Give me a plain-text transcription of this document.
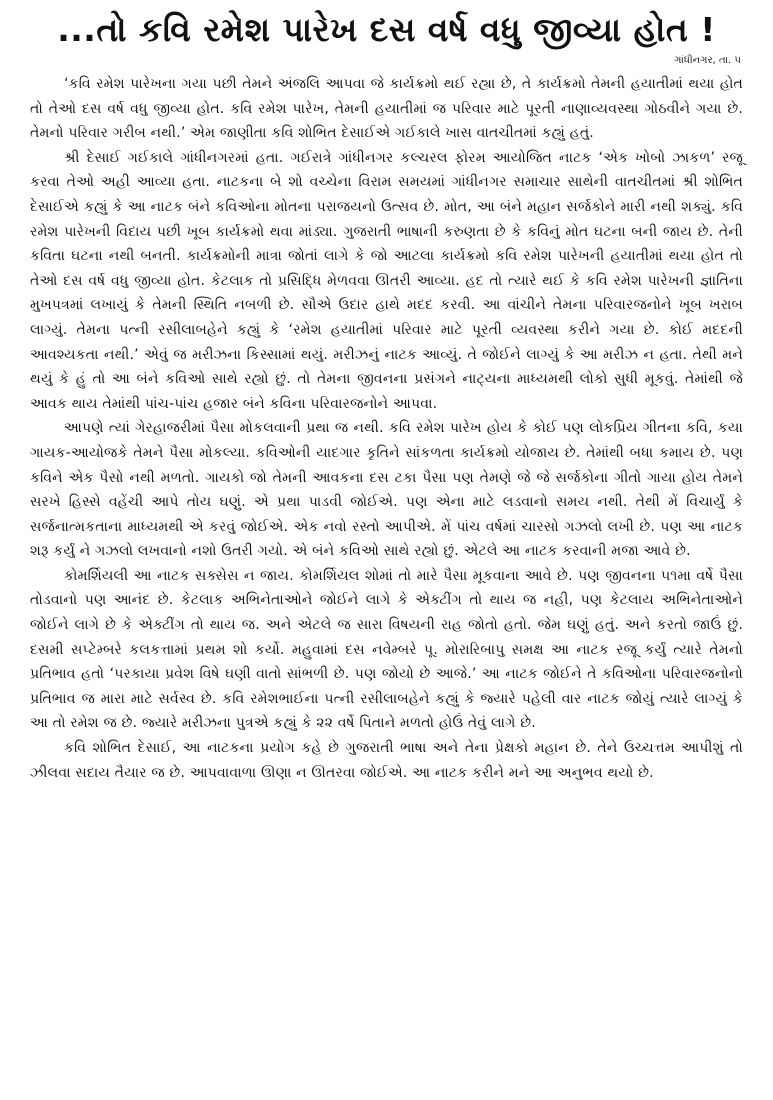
...તો કવિ રમેશ પારેખ દસ વર્ષ વધુ જીવ્યા હોત !
ગાંધીનગર, તા. ૫

‘કવિ રમેશ પારેખના ગયા પછી તેમને અંજલિ આપવા જે કાર્યક્રમો થઈ રહ્યા છે, તે કાર્યક્રમો તેમની હયાતીમાં થયા હોત તો તેઓ દસ વર્ષ વધુ જીવ્યા હોત. કવિ રમેશ પારેખ, તેમની હયાતીમાં જ પરિવાર માટે પૂરતી નાણાવ્યવસ્થા ગોઠવીને ગયા છે. તેમનો પરિવાર ગરીબ નથી.’ એમ જાણીતા કવિ શોભિત દેસાઈએ ગઈકાલે ખાસ વાતચીતમાં કહ્યું હતું.

શ્રી દેસાઈ ગઈકાલે ગાંધીનગરમાં હતા. ગઈરાત્રે ગાંધીનગર કલ્ચરલ ફોરમ આયોજિત નાટક ‘એક ખોબો ઝાકળ’ રજૂ કરવા તેઓ અહી આવ્યા હતા. નાટકના બે શો વચ્ચેના વિરામ સમયમાં ગાંધીનગર સમાચાર સાથેની વાતચીતમાં શ્રી શોભિત દેસાઈએ કહ્યું કે આ નાટક બંને કવિઓના મોતના પરાજયનો ઉત્સવ છે. મોત, આ બંને મહાન સર્જકોને મારી નથી શક્યું. કવિ રમેશ પારેખની વિદાય પછી ખૂબ કાર્યક્રમો થવા માંડ્યા. ગુજરાતી ભાષાની કરુણતા છે કે કવિનું મોત ઘટના બની જાય છે. તેની કવિતા ઘટના નથી બનતી. કાર્યક્રમોની માત્રા જોતાં લાગે કે જો આટલા કાર્યક્રમો કવિ રમેશ પારેખની હયાતીમાં થયા હોત તો તેઓ દસ વર્ષ વધુ જીવ્યા હોત. કેટલાક તો પ્રસિદ્ધિ મેળવવા ઊતરી આવ્યા. હદ તો ત્યારે થઈ કે કવિ રમેશ પારેખની જ્ઞાતિના મુખપત્રમાં લખાયું કે તેમની સ્થિતિ નબળી છે. સૌએ ઉદાર હાથે મદદ કરવી. આ વાંચીને તેમના પરિવારજનોને ખૂબ ખરાબ લાગ્યું. તેમના પત્ની રસીલાબહેને કહ્યું કે ‘રમેશ હયાતીમાં પરિવાર માટે પૂરતી વ્યવસ્થા કરીને ગયા છે. કોઈ મદદની આવશ્યકતા નથી.’ એવું જ મરીઝના કિસ્સામાં થયું. મરીઝનું નાટક આવ્યું. તે જોઈને લાગ્યું કે આ મરીઝ ન હતા. તેથી મને થયું કે હું તો આ બંને કવિઓ સાથે રહ્યો છું. તો તેમના જીવનના પ્રસંગને નાટ્યના માધ્યમથી લોકો સુધી મૂકવું. તેમાંથી જે આવક થાય તેમાંથી પાંચ-પાંચ હજાર બંને કવિના પરિવારજનોને આપવા.

આપણે ત્યાં ગેરહાજરીમાં પૈસા મોકલવાની પ્રથા જ નથી. કવિ રમેશ પારેખ હોય કે કોઈ પણ લોકપ્રિય ગીતના કવિ, કયા ગાયક-આયોજકે તેમને પૈસા મોકલ્યા. કવિઓની યાદગાર કૃતિને સાંકળતા કાર્યક્રમો યોજાય છે. તેમાંથી બધા કમાય છે. પણ કવિને એક પૈસો નથી મળતો. ગાયકો જો તેમની આવકના દસ ટકા પૈસા પણ તેમણે જે જે સર્જકોના ગીતો ગાયા હોય તેમને સરખે હિસ્સે વહેંચી આપે તોય ઘણું. એ પ્રથા પાડવી જોઈએ. પણ એના માટે લડવાનો સમય નથી. તેથી મેં વિચાર્યું કે સર્જનાત્મકતાના માધ્યમથી એ કરવું જોઈએ. એક નવો રસ્તો આપીએ. મેં પાંચ વર્ષમાં ચારસો ગઝલો લખી છે. પણ આ નાટક શરૂ કર્યું ને ગઝલો લખવાનો નશો ઉતરી ગયો. એ બંને કવિઓ સાથે રહ્યો છું. એટલે આ નાટક કરવાની મજા આવે છે.

કોમર્શિયલી આ નાટક સક્સેસ ન જાય. કોમર્શિયલ શોમાં તો મારે પૈસા મૂકવાના આવે છે. પણ જીવનના ૫૧મા વર્ષે પૈસા તોડવાનો પણ આનંદ છે. કેટલાક અભિનેતાઓને જોઈને લાગે કે એક્ટીંગ તો થાય જ નહી, પણ કેટલાય અભિનેતાઓને જોઈને લાગે છે કે એક્ટીંગ તો થાય જ. અને એટલે જ સારા વિષયની રાહ જોતો હતો. જેમ ઘણું હતું. અને કરતો જાઉં છું. દસમી સપ્ટેમ્બરે કલકત્તામાં પ્રથમ શો કર્યો. મહુવામાં દસ નવેમ્બરે પૂ. મોરારિબાપુ સમક્ષ આ નાટક રજૂ કર્યું ત્યારે તેમનો પ્રતિભાવ હતો ‘પરકાયા પ્રવેશ વિષે ઘણી વાતો સાંભળી છે. પણ જોયો છે આજે.’ આ નાટક જોઈને તે કવિઓના પરિવારજનોનો પ્રતિભાવ જ મારા માટે સર્વસ્વ છે. કવિ રમેશભાઈના પત્ની રસીલાબહેને કહ્યું કે જ્યારે પહેલી વાર નાટક જોયું ત્યારે લાગ્યું કે આ તો રમેશ જ છે. જ્યારે મરીઝના પુત્રએ કહ્યું કે ૨૨ વર્ષે પિતાને મળતો હોઉં તેવું લાગે છે.

કવિ શોભિત દેસાઈ, આ નાટકના પ્રયોગ કહે છે ગુજરાતી ભાષા અને તેના પ્રેક્ષકો મહાન છે. તેને ઉચ્ચત્તમ આપીશું તો ઝીલવા સદાય તૈયાર જ છે. આપવાવાળા ઊણા ન ઊતરવા જોઈએ. આ નાટક કરીને મને આ અનુભવ થયો છે.
